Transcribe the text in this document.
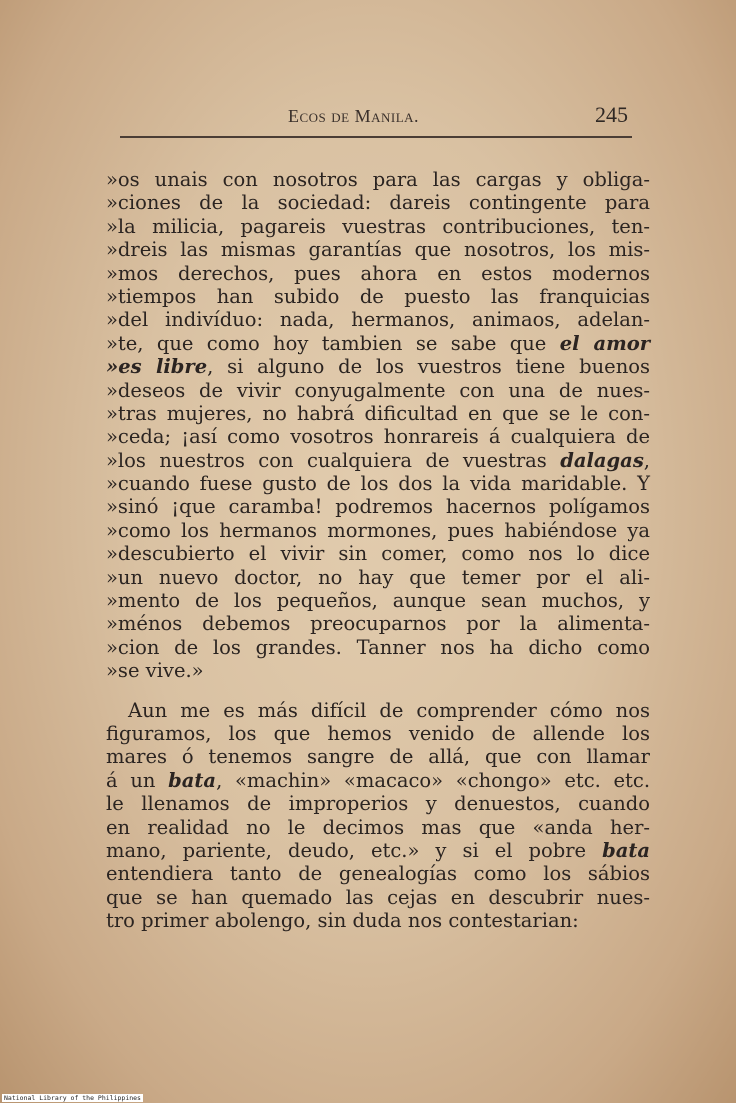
Ecos de Manila.	245
»os unais con nosotros para las cargas y obliga-
»ciones de la sociedad: dareis contingente para
»la milicia, pagareis vuestras contribuciones, ten-
»dreis las mismas garantías que nosotros, los mis-
»mos derechos, pues ahora en estos modernos
»tiempos han subido de puesto las franquicias
»del indivíduo: nada, hermanos, animaos, adelan-
»te, que como hoy tambien se sabe que el amor
»es libre, si alguno de los vuestros tiene buenos
»deseos de vivir conyugalmente con una de nues-
»tras mujeres, no habrá dificultad en que se le con-
»ceda; ¡así como vosotros honrareis á cualquiera de
»los nuestros con cualquiera de vuestras dalagas,
»cuando fuese gusto de los dos la vida maridable. Y
»sinó ¡que caramba! podremos hacernos polígamos
»como los hermanos mormones, pues habiéndose ya
»descubierto el vivir sin comer, como nos lo dice
»un nuevo doctor, no hay que temer por el ali-
»mento de los pequeños, aunque sean muchos, y
»ménos debemos preocuparnos por la alimenta-
»cion de los grandes. Tanner nos ha dicho como
»se vive.»
Aun me es más difícil de comprender cómo nos
figuramos, los que hemos venido de allende los
mares ó tenemos sangre de allá, que con llamar
á un bata, «machin» «macaco» «chongo» etc. etc.
le llenamos de improperios y denuestos, cuando
en realidad no le decimos mas que «anda her-
mano, pariente, deudo, etc.» y si el pobre bata
entendiera tanto de genealogías como los sábios
que se han quemado las cejas en descubrir nues-
tro primer abolengo, sin duda nos contestarian:
National Library of the Philippines
